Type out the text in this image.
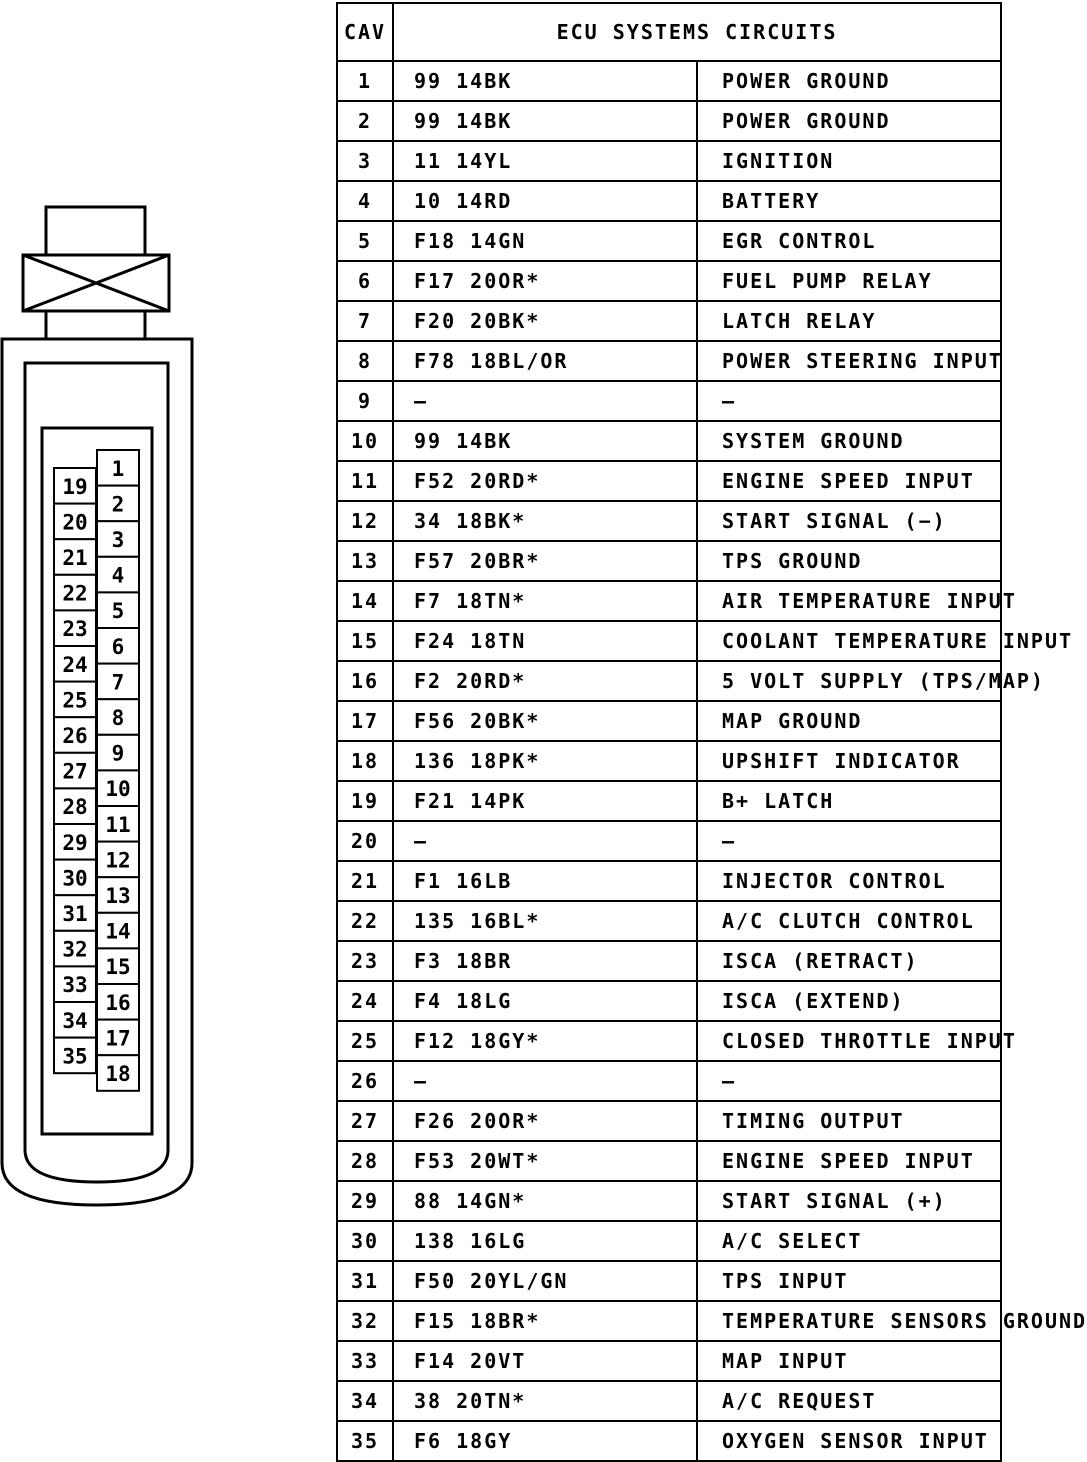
1
2
3
4
5
6
7
8
9
10
11
12
13
14
15
16
17
18
19
20
21
22
23
24
25
26
27
28
29
30
31
32
33
34
35
CAV	ECU SYSTEMS CIRCUITS	
1	99 14BK	POWER GROUND
2	99 14BK	POWER GROUND
3	11 14YL	IGNITION
4	10 14RD	BATTERY
5	F18 14GN	EGR CONTROL
6	F17 20OR*	FUEL PUMP RELAY
7	F20 20BK*	LATCH RELAY
8	F78 18BL/OR	POWER STEERING INPUT
9	—	—
10	99 14BK	SYSTEM GROUND
11	F52 20RD*	ENGINE SPEED INPUT
12	34 18BK*	START SIGNAL (−)
13	F57 20BR*	TPS GROUND
14	F7 18TN*	AIR TEMPERATURE INPUT
15	F24 18TN	COOLANT TEMPERATURE INPUT
16	F2 20RD*	5 VOLT SUPPLY (TPS/MAP)
17	F56 20BK*	MAP GROUND
18	136 18PK*	UPSHIFT INDICATOR
19	F21 14PK	B+ LATCH
20	—	—
21	F1 16LB	INJECTOR CONTROL
22	135 16BL*	A/C CLUTCH CONTROL
23	F3 18BR	ISCA (RETRACT)
24	F4 18LG	ISCA (EXTEND)
25	F12 18GY*	CLOSED THROTTLE INPUT
26	—	—
27	F26 20OR*	TIMING OUTPUT
28	F53 20WT*	ENGINE SPEED INPUT
29	88 14GN*	START SIGNAL (+)
30	138 16LG	A/C SELECT
31	F50 20YL/GN	TPS INPUT
32	F15 18BR*	TEMPERATURE SENSORS GROUND
33	F14 20VT	MAP INPUT
34	38 20TN*	A/C REQUEST
35	F6 18GY	OXYGEN SENSOR INPUT
